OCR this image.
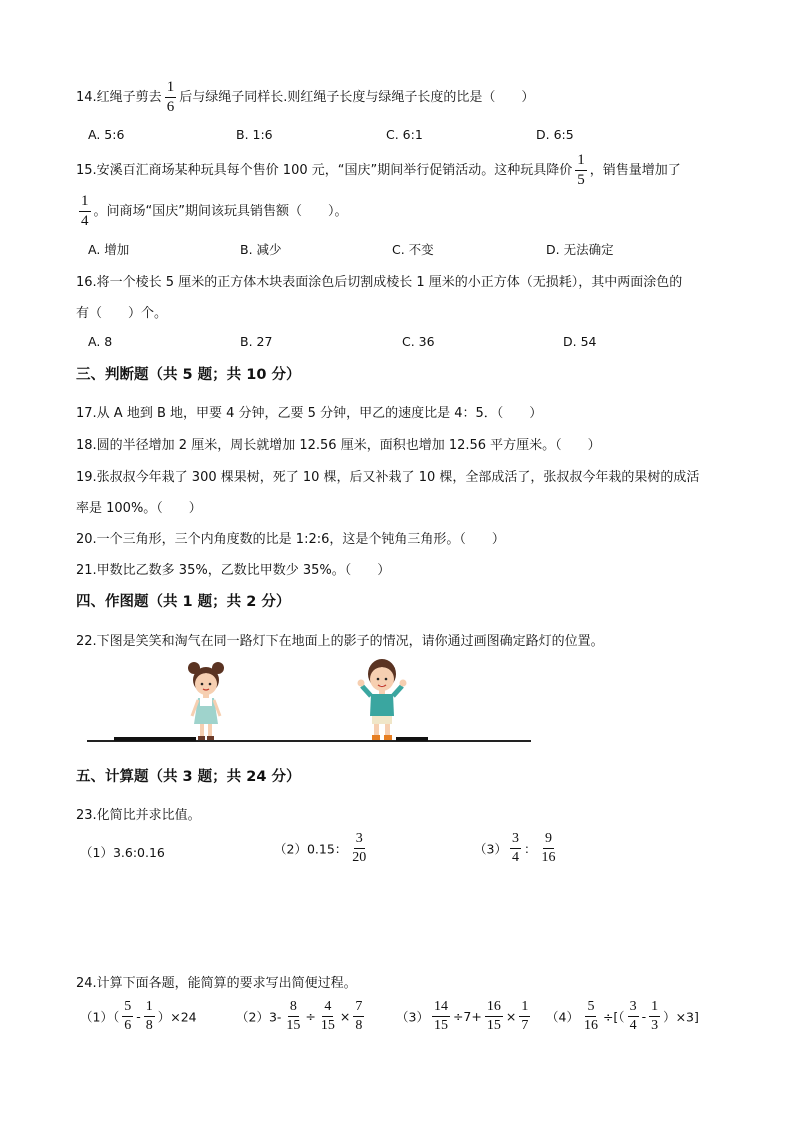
14.红绳子剪去 $\frac{1}{6}$ 后与绿绳子同样长.则红绳子长度与绿绳子长度的比是（　　）
A. 5:6	B. 1:6	C. 6:1	D. 6:5
15.安溪百汇商场某种玩具每个售价 100 元，“国庆”期间举行促销活动。这种玩具降价 $\frac{1}{5}$ ，销售量增加了
$\frac{1}{4}$ 。问商场“国庆”期间该玩具销售额（　　）。
A. 增加	B. 减少	C. 不变	D. 无法确定
16.将一个棱长 5 厘米的正方体木块表面涂色后切割成棱长 1 厘米的小正方体（无损耗），其中两面涂色的
有（　　）个。
A. 8	B. 27	C. 36	D. 54
三、判断题（共 5 题；共 10 分）
17.从 A 地到 B 地，甲要 4 分钟，乙要 5 分钟，甲乙的速度比是 4：5．（　　）
18.圆的半径增加 2 厘米，周长就增加 12.56 厘米，面积也增加 12.56 平方厘米。（　　）
19.张叔叔今年栽了 300 棵果树，死了 10 棵，后又补栽了 10 棵，全部成活了，张叔叔今年栽的果树的成活
率是 100%。（　　）
20.一个三角形，三个内角度数的比是 1:2:6，这是个钝角三角形。（　　）
21.甲数比乙数多 35%，乙数比甲数少 35%。（　　）
四、作图题（共 1 题；共 2 分）
22.下图是笑笑和淘气在同一路灯下在地面上的影子的情况，请你通过画图确定路灯的位置。
五、计算题（共 3 题；共 24 分）
23.化简比并求比值。
（1）3.6:0.16	（2）0.15： $\frac{3}{20}$	$(3) \frac{3}{4}$ ： $\frac{9}{16}$
24.计算下面各题，能简算的要求写出简便过程。
$(1)( \frac{5}{6} - \frac{1}{8} )\times 24$	$(2)3- \frac{8}{15} \div \frac{4}{15} \times \frac{7}{8}$	$(3) \frac{14}{15} \div 7+ \frac{16}{15} \times \frac{1}{7} (4) \frac{5}{16}$ ÷[（ $\frac{3}{4} - \frac{1}{3} )\times 3$]
